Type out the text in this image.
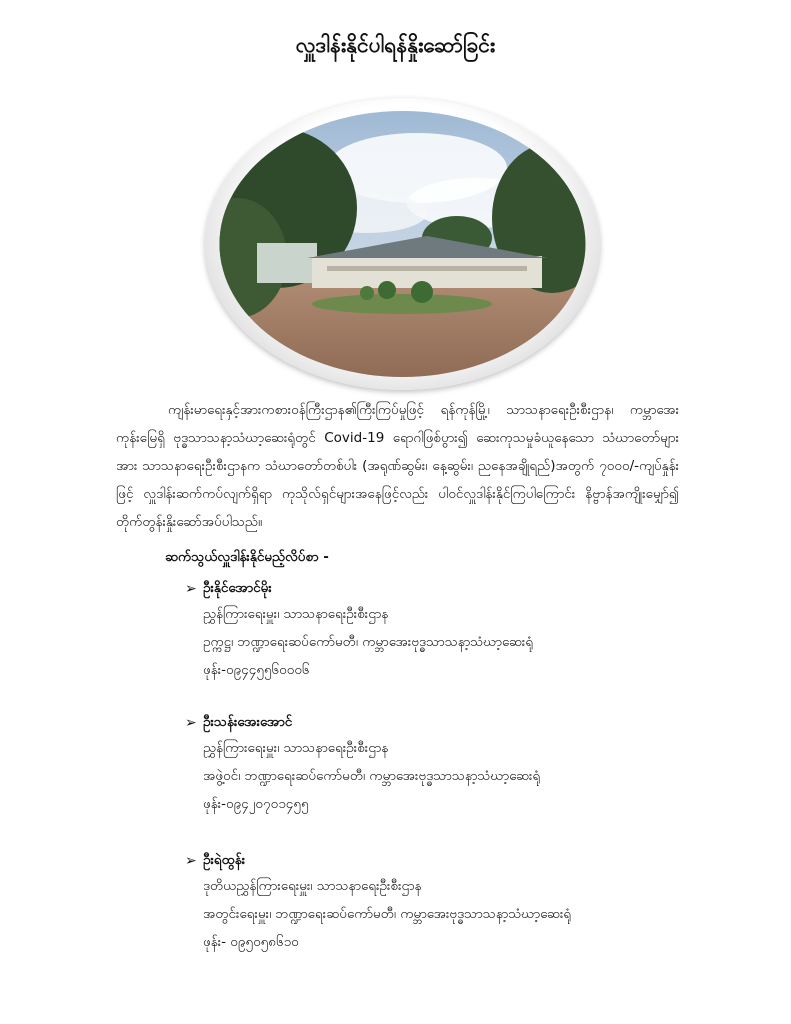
လှူဒါန်းနိုင်ပါရန်နှိုးဆော်ခြင်း
ကျန်းမာရေးနှင့်အားကစားဝန်ကြီးဌာန၏ကြီးကြပ်မှုဖြင့် ရန်ကုန်မြို့၊ သာသနာရေးဦးစီးဌာန၊ ကမ္ဘာအေးကုန်းမြေရှိ ဗုဒ္ဓသာသနာ့သံဃာ့ဆေးရုံတွင် Covid-19 ရောဂါဖြစ်ပွား၍ ဆေးကုသမှုခံယူနေသော သံဃာတော်များအား သာသနာရေးဦးစီးဌာနက သံဃာတော်တစ်ပါး (အရုဏ်ဆွမ်း၊ နေ့ဆွမ်း၊ ညနေအချိုရည်)အတွက် ၇၀၀၀/-ကျပ်နှုန်းဖြင့် လှူဒါန်းဆက်ကပ်လျက်ရှိရာ ကုသိုလ်ရှင်များအနေဖြင့်လည်း ပါဝင်လှူဒါန်းနိုင်ကြပါကြောင်း နိဗ္ဗာန်အကျိုးမျှော်၍ တိုက်တွန်းနှိုးဆော်အပ်ပါသည်။
ဆက်သွယ်လှူဒါန်းနိုင်မည့်လိပ်စာ -
➢ ဦးနိုင်အောင်မိုး
ညွှန်ကြားရေးမှူး၊ သာသနာရေးဦးစီးဌာန
ဥက္ကဋ္ဌ၊ ဘဏ္ဍာရေးဆပ်ကော်မတီ၊ ကမ္ဘာအေးဗုဒ္ဓသာသနာ့သံဃာ့ဆေးရုံ
ဖုန်း-၀၉၄၄၅၅၆၀၀၀၆
➢ ဦးသန်းအေးအောင်
ညွှန်ကြားရေးမှူး၊ သာသနာရေးဦးစီးဌာန
အဖွဲ့ဝင်၊ ဘဏ္ဍာရေးဆပ်ကော်မတီ၊ ကမ္ဘာအေးဗုဒ္ဓသာသနာ့သံဃာ့ဆေးရုံ
ဖုန်း-၀၉၄၂၀၇၀၁၄၅၅
➢ ဦးရဲထွန်း
ဒုတိယညွှန်ကြားရေးမှူး၊ သာသနာရေးဦးစီးဌာန
အတွင်းရေးမှူး၊ ဘဏ္ဍာရေးဆပ်ကော်မတီ၊ ကမ္ဘာအေးဗုဒ္ဓသာသနာ့သံဃာ့ဆေးရုံ
ဖုန်း- ၀၉၅၀၅၈၆၁၀
